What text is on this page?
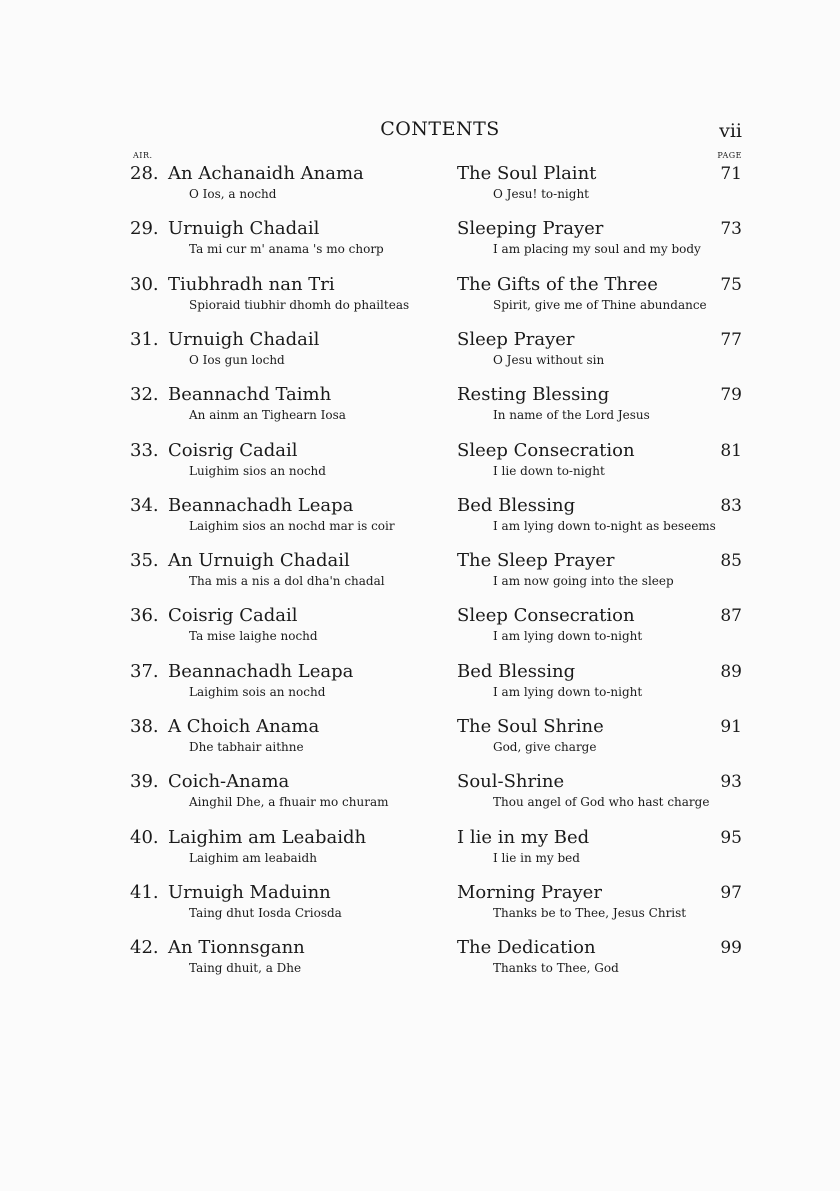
CONTENTS	vii
AIR.	PAGE
28. An Achanaidh Anama
O Ios, a nochd
The Soul Plaint
O Jesu! to-night
71
29. Urnuigh Chadail
Ta mi cur m' anama 's mo chorp
Sleeping Prayer
I am placing my soul and my body
73
30. Tiubhradh nan Tri
Spioraid tiubhir dhomh do phailteas
The Gifts of the Three
Spirit, give me of Thine abundance
75
31. Urnuigh Chadail
O Ios gun lochd
Sleep Prayer
O Jesu without sin
77
32. Beannachd Taimh
An ainm an Tighearn Iosa
Resting Blessing
In name of the Lord Jesus
79
33. Coisrig Cadail
Luighim sios an nochd
Sleep Consecration
I lie down to-night
81
34. Beannachadh Leapa
Laighim sios an nochd mar is coir
Bed Blessing
I am lying down to-night as beseems
83
35. An Urnuigh Chadail
Tha mis a nis a dol dha'n chadal
The Sleep Prayer
I am now going into the sleep
85
36. Coisrig Cadail
Ta mise laighe nochd
Sleep Consecration
I am lying down to-night
87
37. Beannachadh Leapa
Laighim sois an nochd
Bed Blessing
I am lying down to-night
89
38. A Choich Anama
Dhe tabhair aithne
The Soul Shrine
God, give charge
91
39. Coich-Anama
Ainghil Dhe, a fhuair mo churam
Soul-Shrine
Thou angel of God who hast charge
93
40. Laighim am Leabaidh
Laighim am leabaidh
I lie in my Bed
I lie in my bed
95
41. Urnuigh Maduinn
Taing dhut Iosda Criosda
Morning Prayer
Thanks be to Thee, Jesus Christ
97
42. An Tionnsgann
Taing dhuit, a Dhe
The Dedication
Thanks to Thee, God
99
